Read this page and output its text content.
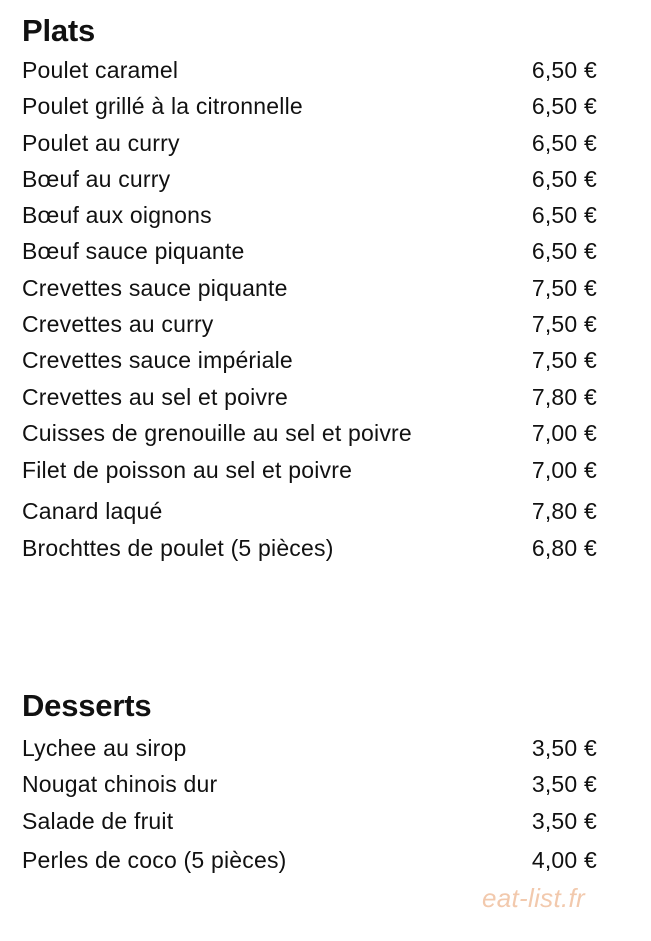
Plats
Poulet caramel	6,50 €
Poulet grillé à la citronnelle	6,50 €
Poulet au curry	6,50 €
Bœuf au curry	6,50 €
Bœuf aux oignons	6,50 €
Bœuf sauce piquante	6,50 €
Crevettes sauce piquante	7,50 €
Crevettes au curry	7,50 €
Crevettes sauce impériale	7,50 €
Crevettes au sel et poivre	7,80 €
Cuisses de grenouille au sel et poivre	7,00 €
Filet de poisson au sel et poivre	7,00 €
Canard laqué	7,80 €
Brochttes de poulet (5 pièces)	6,80 €
Desserts
Lychee au sirop	3,50 €
Nougat chinois dur	3,50 €
Salade de fruit	3,50 €
Perles de coco (5 pièces)	4,00 €
eat-list.fr
